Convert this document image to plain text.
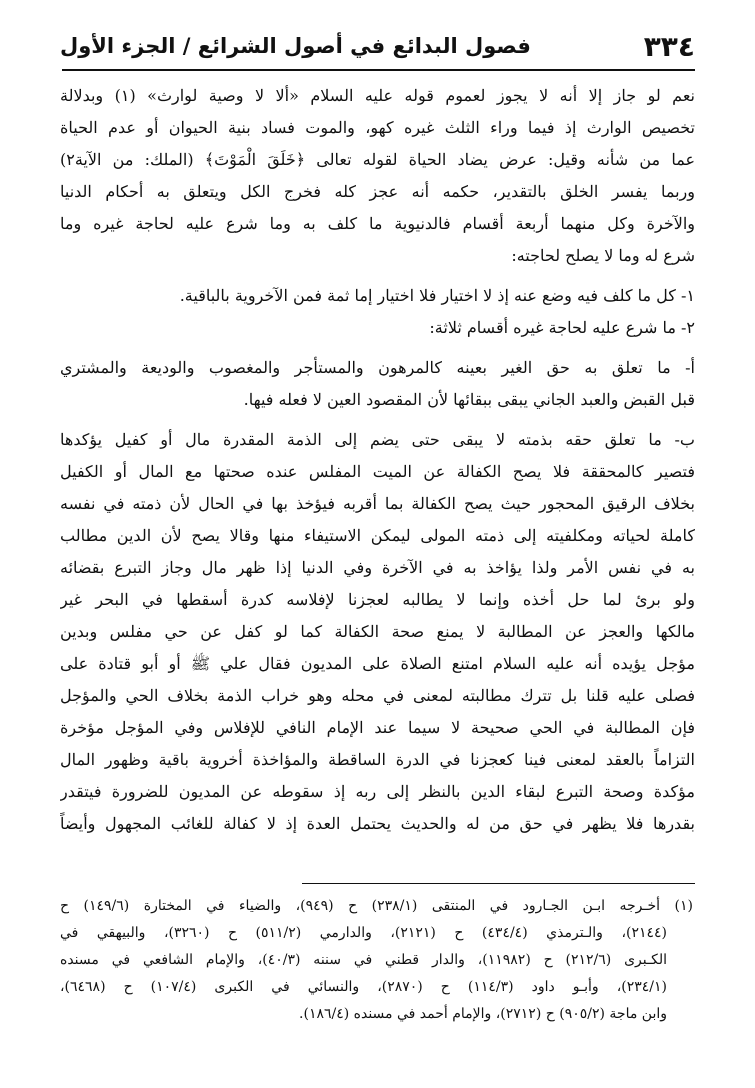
٣٣٤
فصول البدائع في أصول الشرائع / الجزء الأول
نعم لو جاز إلا أنه لا يجوز لعموم قوله عليه السلام «ألا لا وصية لوارث» (١) وبدلالة
تخصيص الوارث إذ فيما وراء الثلث غيره كهو، والموت فساد بنية الحيوان أو عدم الحياة
عما من شأنه وقيل: عرض يضاد الحياة لقوله تعالى ﴿خَلَقَ الْمَوْتَ﴾ (الملك: من الآية٢)
وربما يفسر الخلق بالتقدير، حكمه أنه عجز كله فخرج الكل ويتعلق به أحكام الدنيا
والآخرة وكل منهما أربعة أقسام فالدنيوية ما كلف به وما شرع عليه لحاجة غيره وما
شرع له وما لا يصلح لحاجته:
١- كل ما كلف فيه وضع عنه إذ لا اختيار فلا اختيار إما ثمة فمن الآخروية بالباقية.
٢- ما شرع عليه لحاجة غيره أقسام ثلاثة:
أ- ما تعلق به حق الغير بعينه كالمرهون والمستأجر والمغصوب والوديعة والمشتري
قبل القبض والعبد الجاني يبقى ببقائها لأن المقصود العين لا فعله فيها.
ب- ما تعلق حقه بذمته لا يبقى حتى يضم إلى الذمة المقدرة مال أو كفيل يؤكدها
فتصير كالمحققة فلا يصح الكفالة عن الميت المفلس عنده صحتها مع المال أو الكفيل
بخلاف الرقيق المحجور حيث يصح الكفالة بما أقربه فيؤخذ بها في الحال لأن ذمته في نفسه
كاملة لحياته ومكلفيته إلى ذمته المولى ليمكن الاستيفاء منها وقالا يصح لأن الدين مطالب
به في نفس الأمر ولذا يؤاخذ به في الآخرة وفي الدنيا إذا ظهر مال وجاز التبرع بقضائه
ولو برئ لما حل أخذه وإنما لا يطالبه لعجزنا لإفلاسه كدرة أسقطها في البحر غير
مالكها والعجز عن المطالبة لا يمنع صحة الكفالة كما لو كفل عن حي مفلس وبدين
مؤجل يؤيده أنه عليه السلام امتنع الصلاة على المديون فقال علي ﷺ أو أبو قتادة على
فصلى عليه قلنا بل تترك مطالبته لمعنى في محله وهو خراب الذمة بخلاف الحي والمؤجل
فإن المطالبة في الحي صحيحة لا سيما عند الإمام النافي للإفلاس وفي المؤجل مؤخرة
التزاماً بالعقد لمعنى فينا كعجزنا في الدرة الساقطة والمؤاخذة أخروية باقية وظهور المال
مؤكدة وصحة التبرع لبقاء الدين بالنظر إلى ربه إذ سقوطه عن المديون للضرورة فيتقدر
بقدرها فلا يظهر في حق من له والحديث يحتمل العدة إذ لا كفالة للغائب المجهول وأيضاً
(١) أخـرجه ابـن الجـارود في المنتقى (٢٣٨/١) ح (٩٤٩)، والضياء في المختارة (١٤٩/٦) ح
(٢١٤٤)، والـترمذي (٤٣٤/٤) ح (٢١٢١)، والدارمي (٥١١/٢) ح (٣٢٦٠)، والبيهقي في
الكـبرى (٢١٢/٦) ح (١١٩٨٢)، والدار قطني في سننه (٤٠/٣)، والإمام الشافعي في مسنده
(٢٣٤/١)، وأبـو داود (١١٤/٣) ح (٢٨٧٠)، والنسائي في الكبرى (١٠٧/٤) ح (٦٤٦٨)،
وابن ماجة (٩٠٥/٢) ح (٢٧١٢)، والإمام أحمد في مسنده (١٨٦/٤).
